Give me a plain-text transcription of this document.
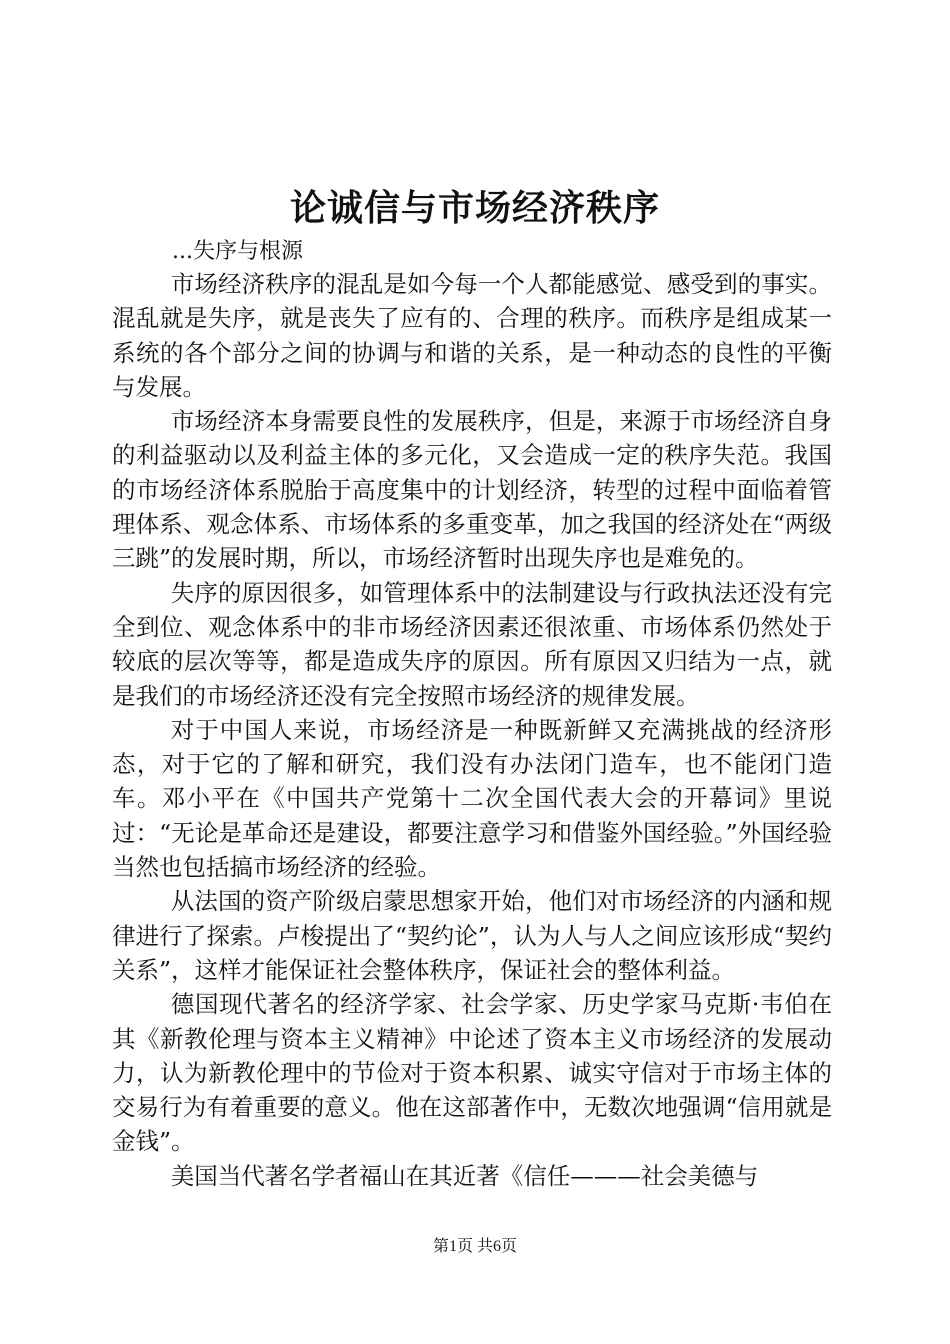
论诚信与市场经济秩序

...失序与根源

市场经济秩序的混乱是如今每一个人都能感觉、感受到的事实。混乱就是失序，就是丧失了应有的、合理的秩序。而秩序是组成某一系统的各个部分之间的协调与和谐的关系，是一种动态的良性的平衡与发展。

市场经济本身需要良性的发展秩序，但是，来源于市场经济自身的利益驱动以及利益主体的多元化，又会造成一定的秩序失范。我国的市场经济体系脱胎于高度集中的计划经济，转型的过程中面临着管理体系、观念体系、市场体系的多重变革，加之我国的经济处在“两级三跳”的发展时期，所以，市场经济暂时出现失序也是难免的。

失序的原因很多，如管理体系中的法制建设与行政执法还没有完全到位、观念体系中的非市场经济因素还很浓重、市场体系仍然处于较底的层次等等，都是造成失序的原因。所有原因又归结为一点，就是我们的市场经济还没有完全按照市场经济的规律发展。

对于中国人来说，市场经济是一种既新鲜又充满挑战的经济形态，对于它的了解和研究，我们没有办法闭门造车，也不能闭门造车。邓小平在《中国共产党第十二次全国代表大会的开幕词》里说过：“无论是革命还是建设，都要注意学习和借鉴外国经验。”外国经验当然也包括搞市场经济的经验。

从法国的资产阶级启蒙思想家开始，他们对市场经济的内涵和规律进行了探索。卢梭提出了“契约论”，认为人与人之间应该形成“契约关系”，这样才能保证社会整体秩序，保证社会的整体利益。

德国现代著名的经济学家、社会学家、历史学家马克斯·韦伯在其《新教伦理与资本主义精神》中论述了资本主义市场经济的发展动力，认为新教伦理中的节俭对于资本积累、诚实守信对于市场主体的交易行为有着重要的意义。他在这部著作中，无数次地强调“信用就是金钱”。

美国当代著名学者福山在其近著《信任———社会美德与

第1页 共6页
